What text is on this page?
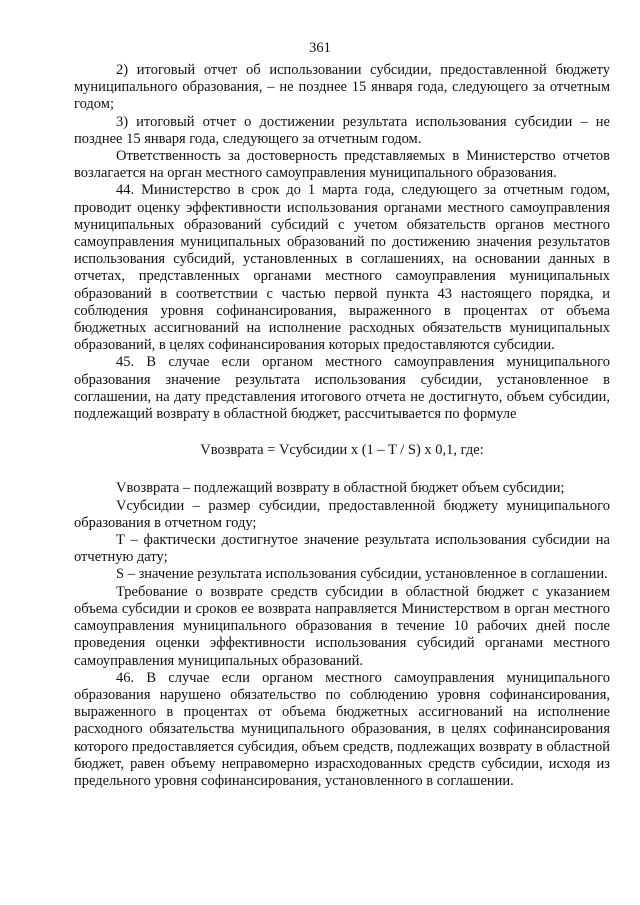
361

2) итоговый отчет об использовании субсидии, предоставленной бюджету муниципального образования, – не позднее 15 января года, следующего за отчетным годом;

3) итоговый отчет о достижении результата использования субсидии – не позднее 15 января года, следующего за отчетным годом.

Ответственность за достоверность представляемых в Министерство отчетов возлагается на орган местного самоуправления муниципального образования.

44. Министерство в срок до 1 марта года, следующего за отчетным годом, проводит оценку эффективности использования органами местного самоуправления муниципальных образований субсидий с учетом обязательств органов местного самоуправления муниципальных образований по достижению значения результатов использования субсидий, установленных в соглашениях, на основании данных в отчетах, представленных органами местного самоуправления муниципальных образований в соответствии с частью первой пункта 43 настоящего порядка, и соблюдения уровня софинансирования, выраженного в процентах от объема бюджетных ассигнований на исполнение расходных обязательств муниципальных образований, в целях софинансирования которых предоставляются субсидии.

45. В случае если органом местного самоуправления муниципального образования значение результата использования субсидии, установленное в соглашении, на дату представления итогового отчета не достигнуто, объем субсидии, подлежащий возврату в областной бюджет, рассчитывается по формуле

Vвозврата = Vсубсидии x (1 – T / S) x 0,1, где:

Vвозврата – подлежащий возврату в областной бюджет объем субсидии;

Vсубсидии – размер субсидии, предоставленной бюджету муниципального образования в отчетном году;

T – фактически достигнутое значение результата использования субсидии на отчетную дату;

S – значение результата использования субсидии, установленное в соглашении.

Требование о возврате средств субсидии в областной бюджет с указанием объема субсидии и сроков ее возврата направляется Министерством в орган местного самоуправления муниципального образования в течение 10 рабочих дней после проведения оценки эффективности использования субсидий органами местного самоуправления муниципальных образований.

46. В случае если органом местного самоуправления муниципального образования нарушено обязательство по соблюдению уровня софинансирования, выраженного в процентах от объема бюджетных ассигнований на исполнение расходного обязательства муниципального образования, в целях софинансирования которого предоставляется субсидия, объем средств, подлежащих возврату в областной бюджет, равен объему неправомерно израсходованных средств субсидии, исходя из предельного уровня софинансирования, установленного в соглашении.
